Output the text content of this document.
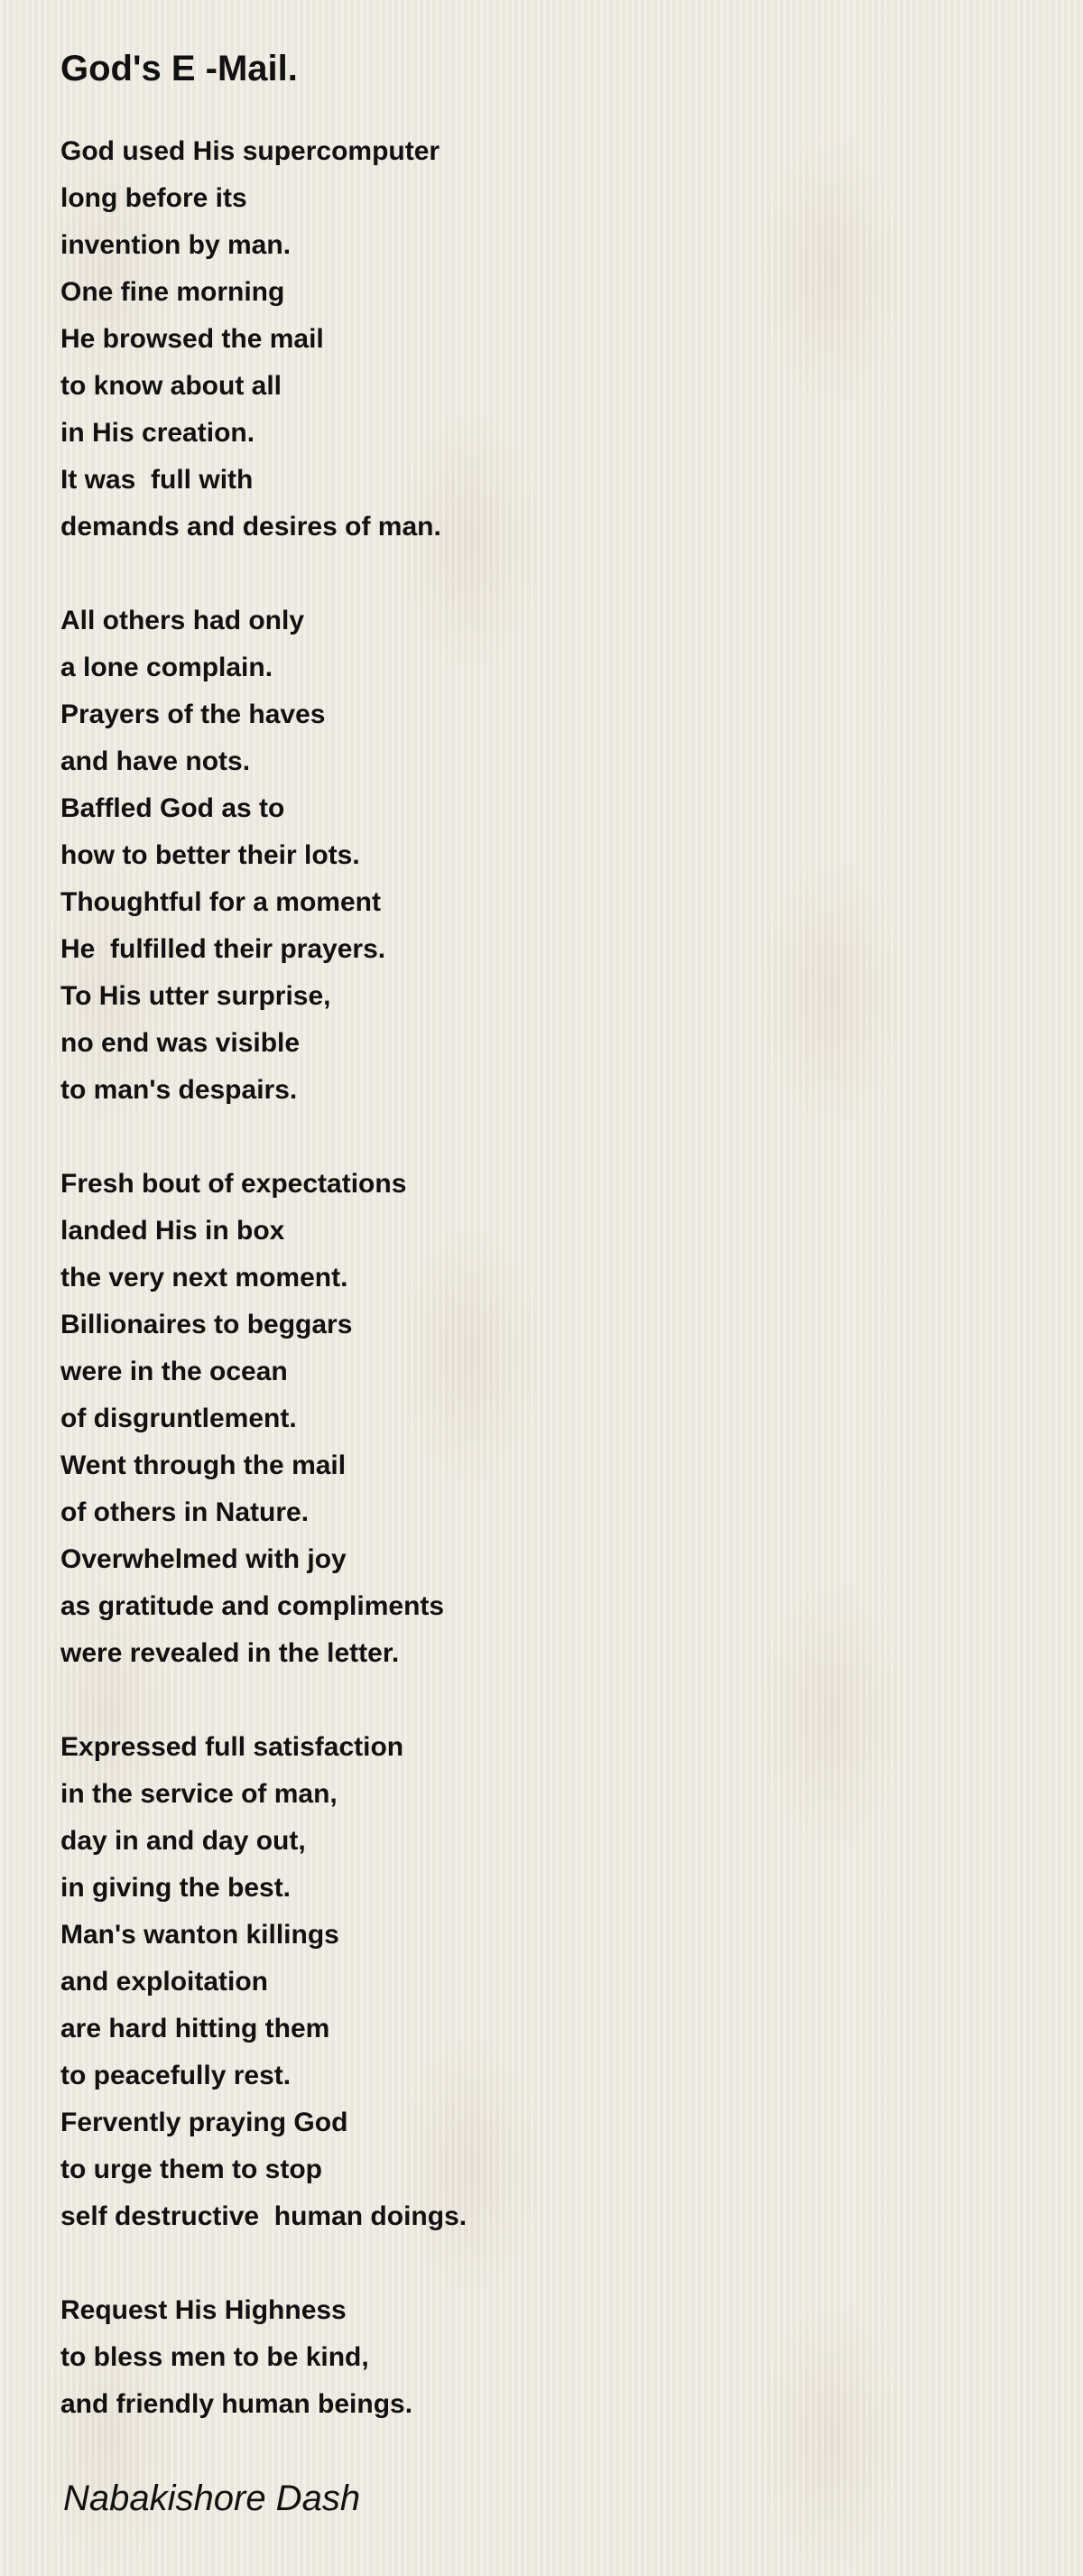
God's E -Mail.
God used His supercomputer
long before its
invention by man.
One fine morning
He browsed the mail
to know about all
in His creation.
It was  full with
demands and desires of man.
All others had only
a lone complain.
Prayers of the haves
and have nots.
Baffled God as to
how to better their lots.
Thoughtful for a moment
He  fulfilled their prayers.
To His utter surprise,
no end was visible
to man's despairs.
Fresh bout of expectations
landed His in box
the very next moment.
Billionaires to beggars
were in the ocean
of disgruntlement.
Went through the mail
of others in Nature.
Overwhelmed with joy
as gratitude and compliments
were revealed in the letter.
Expressed full satisfaction
in the service of man,
day in and day out,
in giving the best.
Man's wanton killings
and exploitation
are hard hitting them
to peacefully rest.
Fervently praying God
to urge them to stop
self destructive  human doings.
Request His Highness
to bless men to be kind,
and friendly human beings.
Nabakishore Dash
